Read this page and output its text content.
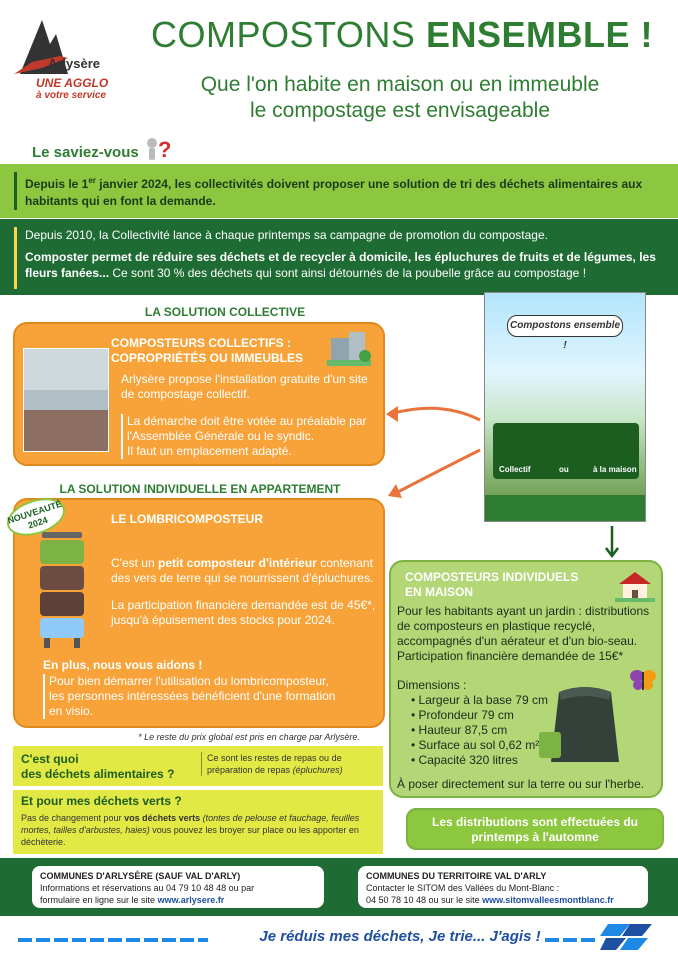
Arlysère
UNE AGGLO
à votre service
COMPOSTONS ENSEMBLE !
Que l'on habite en maison ou en immeuble
le compostage est envisageable
Le saviez-vous ?
Depuis le 1er janvier 2024, les collectivités doivent proposer une solution de tri des déchets alimentaires aux habitants qui en font la demande.

Depuis 2010, la Collectivité lance à chaque printemps sa campagne de promotion du compostage.

Composter permet de réduire ses déchets et de recycler à domicile, les épluchures de fruits et de légumes, les fleurs fanées... Ce sont 30 % des déchets qui sont ainsi détournés de la poubelle grâce au compostage !

LA SOLUTION COLLECTIVE
COMPOSTEURS COLLECTIFS : COPROPRIÉTÉS OU IMMEUBLES
Arlysère propose l'installation gratuite d'un site de compostage collectif.
La démarche doit être votée au préalable par l'Assemblée Générale ou le syndic.
Il faut un emplacement adapté.
Compostons ensemble !
Collectif	ou	à la maison
LA SOLUTION INDIVIDUELLE EN APPARTEMENT
LE LOMBRICOMPOSTEUR
C'est un petit composteur d'intérieur contenant des vers de terre qui se nourrissent d'épluchures.
La participation financière demandée est de 45€*, jusqu'à épuisement des stocks pour 2024.
En plus, nous vous aidons !
Pour bien démarrer l'utilisation du lombricomposteur, les personnes intéressées bénéficient d'une formation en visio.
NOUVEAUTÉ 2024
* Le reste du prix global est pris en charge par Arlysère.
C'est quoi
des déchets alimentaires ?
Ce sont les restes de repas ou de préparation de repas (épluchures)
Et pour mes déchets verts ?
Pas de changement pour vos déchets verts (tontes de pelouse et fauchage, feuilles mortes, tailles d'arbustes, haies) vous pouvez les broyer sur place ou les apporter en déchèterie.
COMPOSTEURS INDIVIDUELS EN MAISON
Pour les habitants ayant un jardin : distributions de composteurs en plastique recyclé, accompagnés d'un aérateur et d'un bio-seau. Participation financière demandée de 15€*
Dimensions :
• Largeur à la base 79 cm
• Profondeur 79 cm
• Hauteur 87,5 cm
• Surface au sol 0,62 m²
• Capacité 320 litres
À poser directement sur la terre ou sur l'herbe.
Les distributions sont effectuées du printemps à l'automne
COMMUNES D'ARLYSÈRE (SAUF VAL D'ARLY)
Informations et réservations au 04 79 10 48 48 ou par
formulaire en ligne sur le site www.arlysere.fr
COMMUNES DU TERRITOIRE VAL D'ARLY
Contacter le SITOM des Vallées du Mont-Blanc :
04 50 78 10 48 ou sur le site www.sitomvalleesmontblanc.fr
Je réduis mes déchets, Je trie... J'agis !
